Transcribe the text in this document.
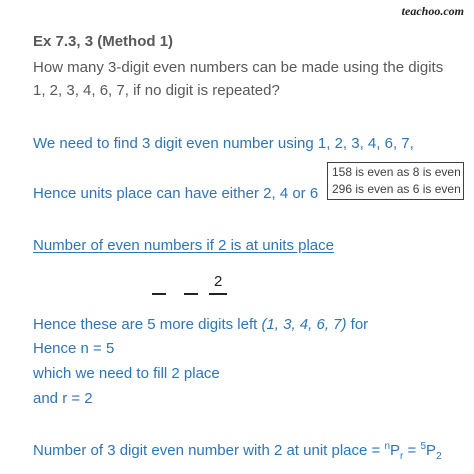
teachoo.com
Ex 7.3, 3 (Method 1)
How many 3-digit even numbers can be made using the digits
1, 2, 3, 4, 6, 7, if no digit is repeated?
We need to find 3 digit even number using 1, 2, 3, 4, 6, 7,
158 is even as 8 is even
296 is even as 6 is even
Hence units place can have either 2, 4 or 6
Number of even numbers if 2 is at units place
2
Hence these are 5 more digits left (1, 3, 4, 6, 7) for
Hence n = 5
which we need to fill 2 place
and r = 2
Number of 3 digit even number with 2 at unit place = $^nP_r = ^5P_2$
